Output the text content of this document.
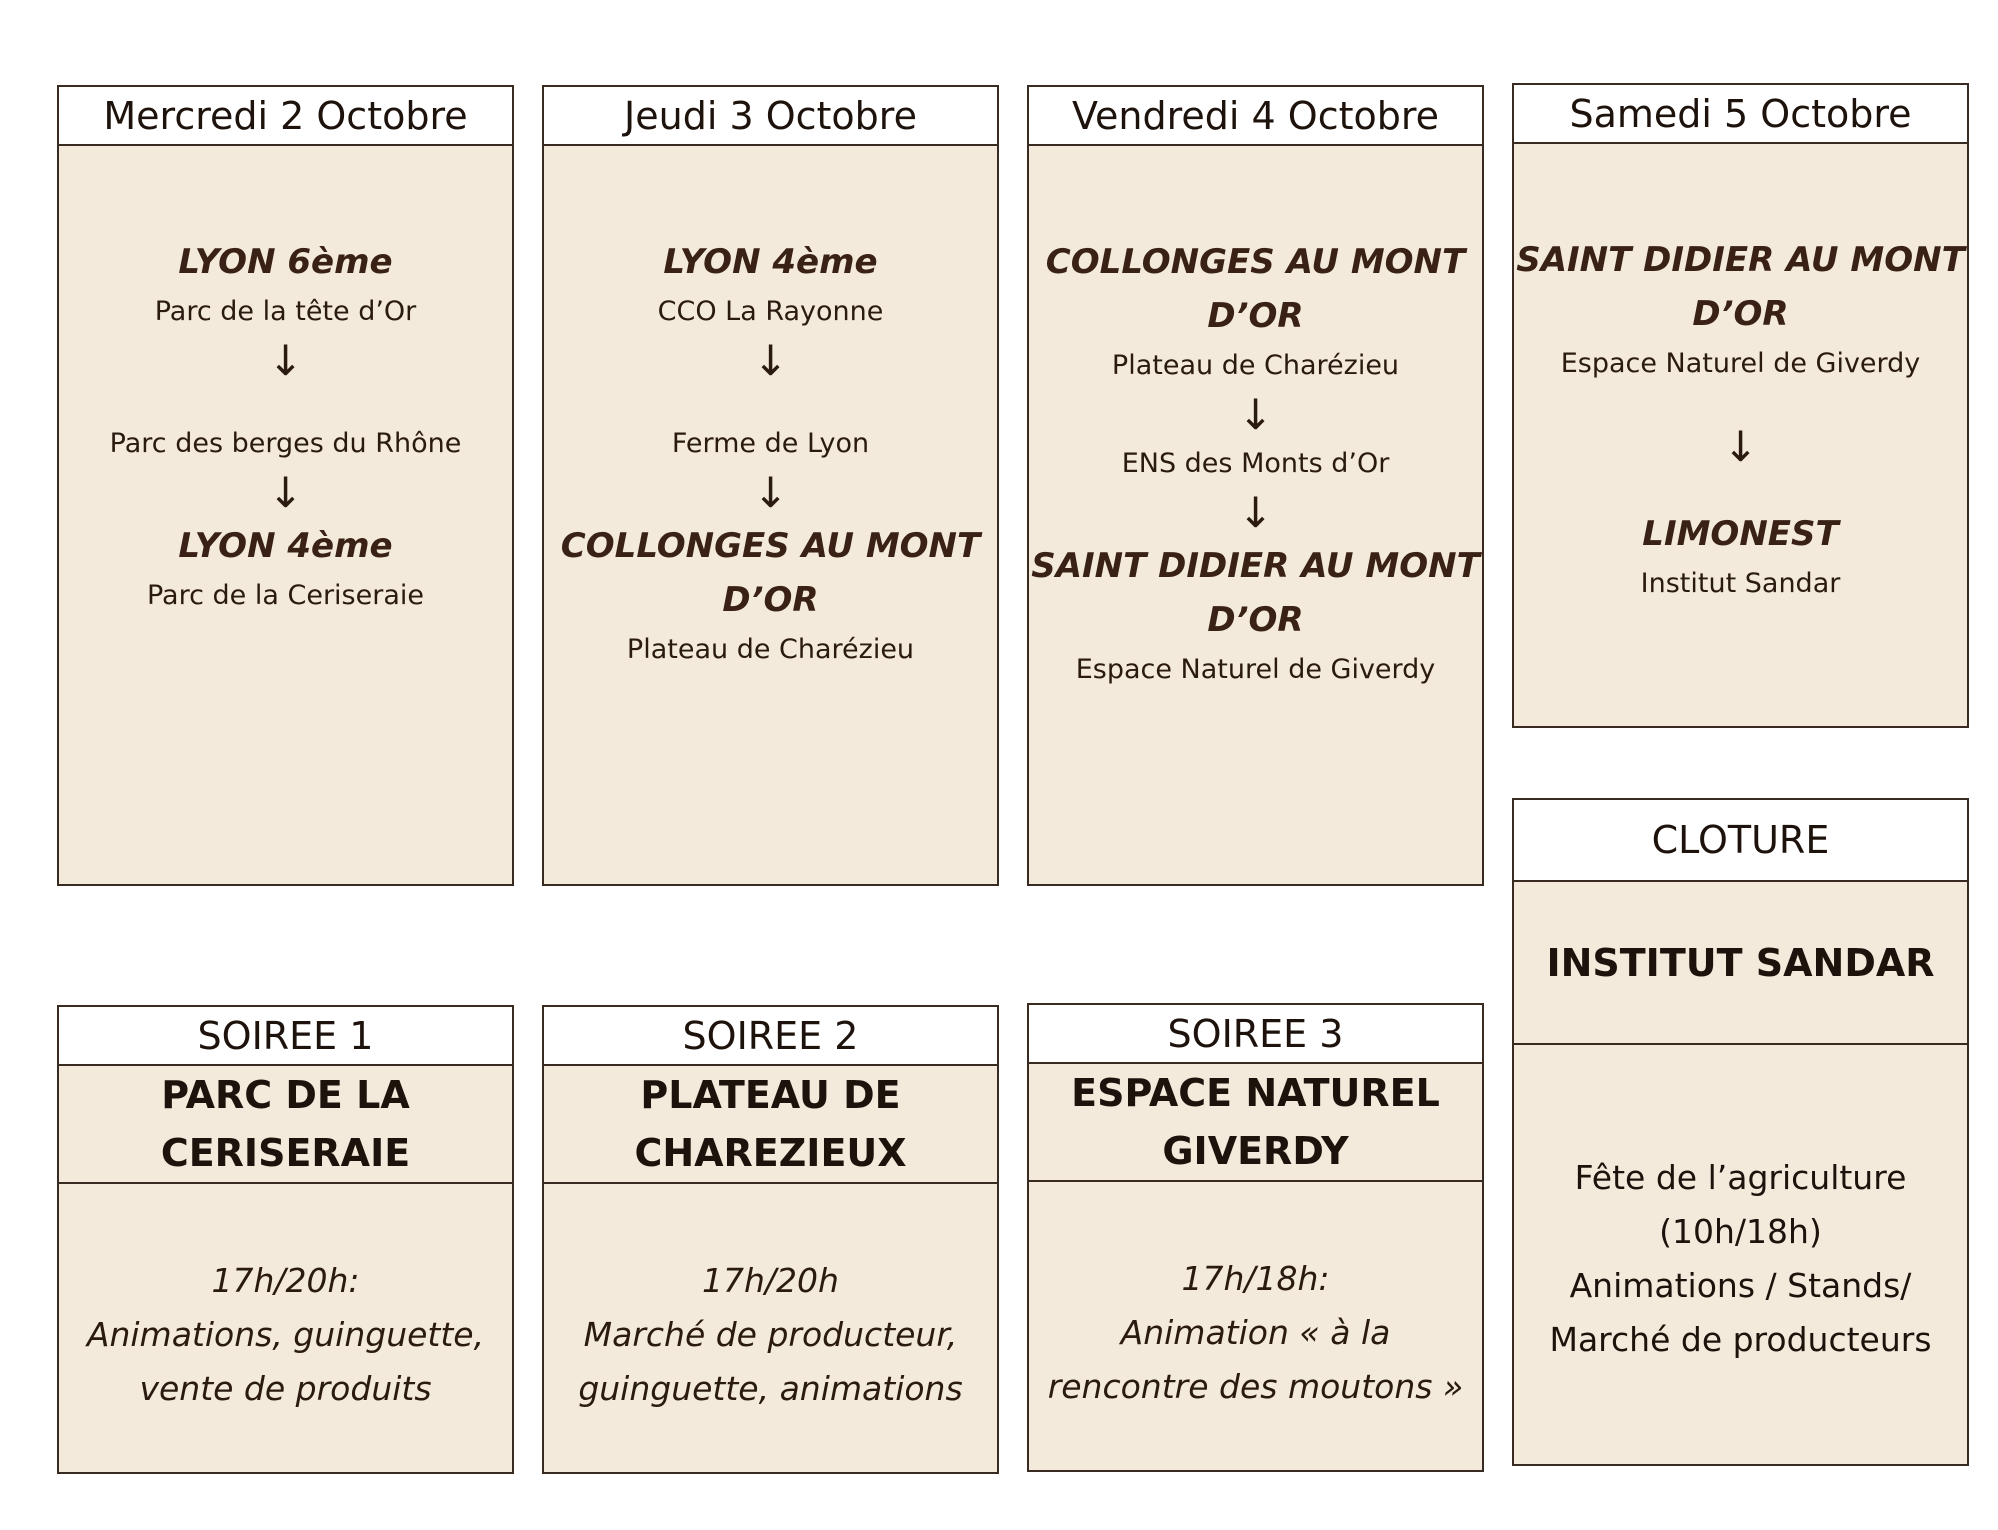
Mercredi 2 Octobre
LYON 6ème
Parc de la tête d’Or
↓
Parc des berges du Rhône
↓
LYON 4ème
Parc de la Ceriseraie
Jeudi 3 Octobre
LYON 4ème
CCO La Rayonne
↓
Ferme de Lyon
↓
COLLONGES AU MONT
D’OR
Plateau de Charézieu
Vendredi 4 Octobre
COLLONGES AU MONT
D’OR
Plateau de Charézieu
↓
ENS des Monts d’Or
↓
SAINT DIDIER AU MONT
D’OR
Espace Naturel de Giverdy
Samedi 5 Octobre
SAINT DIDIER AU MONT
D’OR
Espace Naturel de Giverdy
↓
LIMONEST
Institut Sandar
SOIREE 1
PARC DE LA
CERISERAIE
17h/20h:
Animations, guinguette,
vente de produits
SOIREE 2
PLATEAU DE
CHAREZIEUX
17h/20h
Marché de producteur,
guinguette, animations
SOIREE 3
ESPACE NATUREL
GIVERDY
17h/18h:
Animation « à la
rencontre des moutons »
CLOTURE
INSTITUT SANDAR
Fête de l’agriculture
(10h/18h)
Animations / Stands/
Marché de producteurs
